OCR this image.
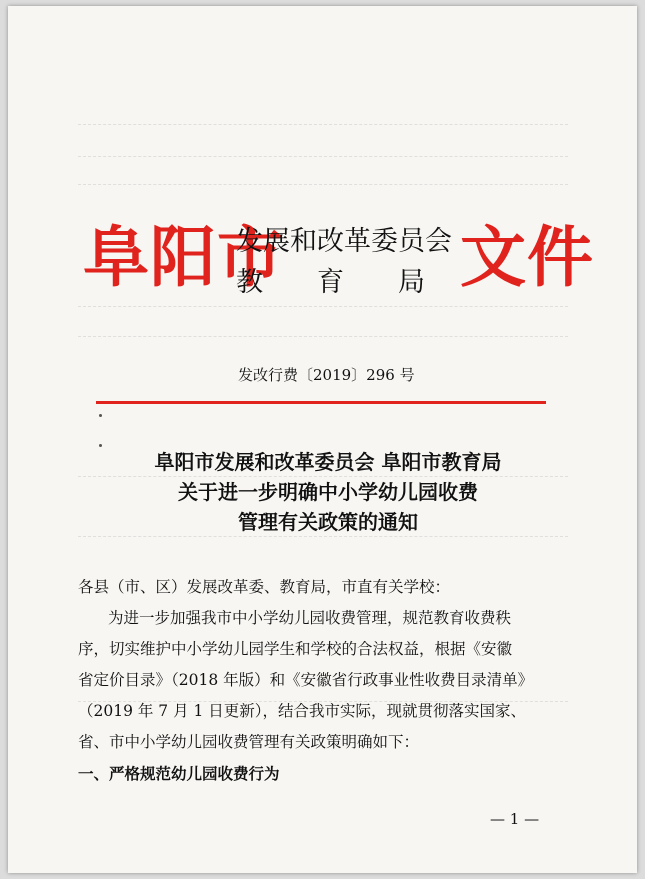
阜阳市
发展和改革委员会
教　　育　　局 文件
发改行费〔2019〕296 号
阜阳市发展和改革委员会 阜阳市教育局
关于进一步明确中小学幼儿园收费
管理有关政策的通知
各县（市、区）发展改革委、教育局，市直有关学校：
为进一步加强我市中小学幼儿园收费管理，规范教育收费秩
序，切实维护中小学幼儿园学生和学校的合法权益，根据《安徽
省定价目录》（2018 年版）和《安徽省行政事业性收费目录清单》
（2019 年 7 月 1 日更新），结合我市实际，现就贯彻落实国家、
省、市中小学幼儿园收费管理有关政策明确如下：
一、严格规范幼儿园收费行为
— 1 —
